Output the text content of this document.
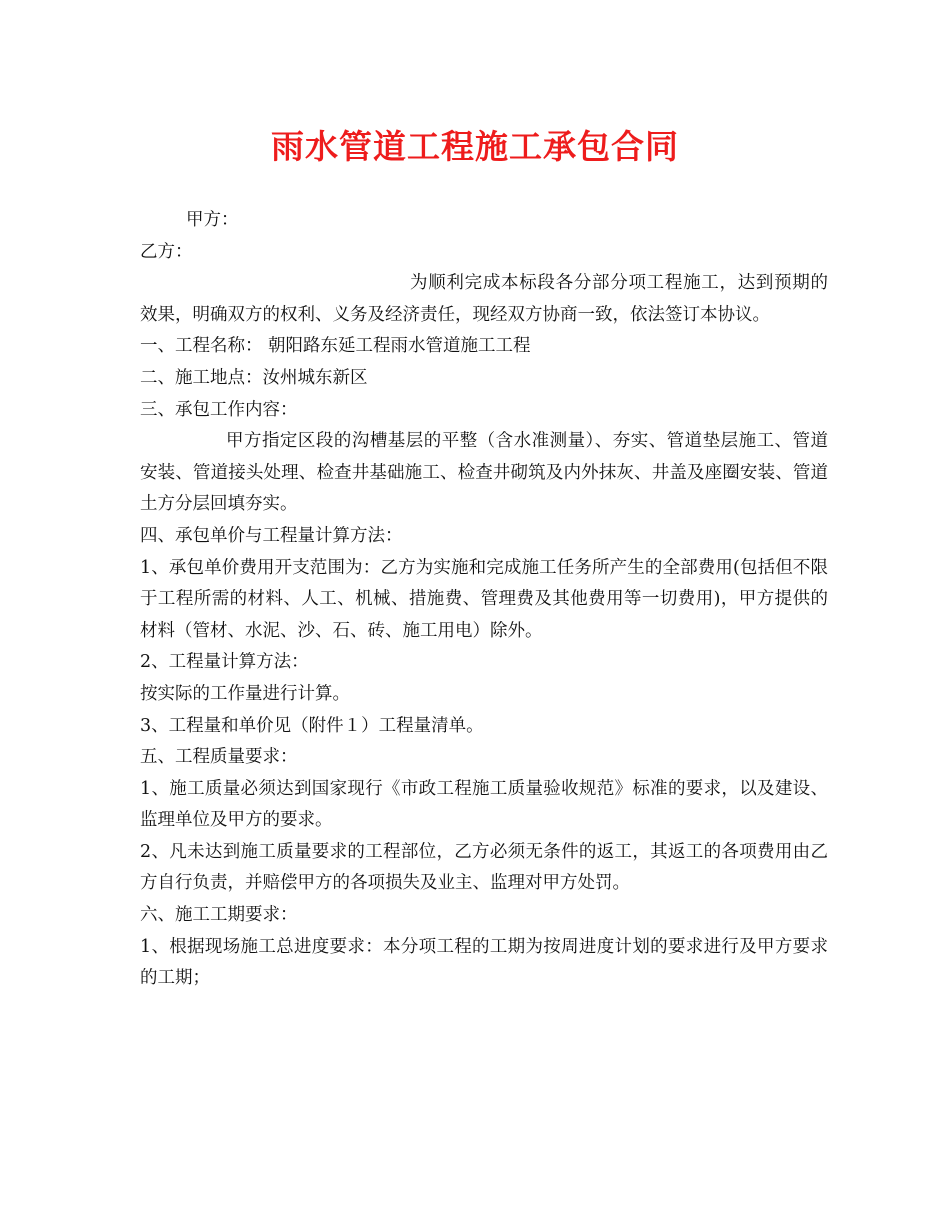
雨水管道工程施工承包合同

甲方：

乙方：

为顺利完成本标段各分部分项工程施工，达到预期的效果，明确双方的权利、义务及经济责任，现经双方协商一致，依法签订本协议。

一、工程名称： 朝阳路东延工程雨水管道施工工程

二、施工地点：汝州城东新区

三、承包工作内容：

甲方指定区段的沟槽基层的平整（含水准测量）、夯实、管道垫层施工、管道安装、管道接头处理、检查井基础施工、检查井砌筑及内外抹灰、井盖及座圈安装、管道土方分层回填夯实。

四、承包单价与工程量计算方法：

1、承包单价费用开支范围为：乙方为实施和完成施工任务所产生的全部费用(包括但不限于工程所需的材料、人工、机械、措施费、管理费及其他费用等一切费用)，甲方提供的材料（管材、水泥、沙、石、砖、施工用电）除外。

2、工程量计算方法：

按实际的工作量进行计算。

3、工程量和单价见（附件１）工程量清单。

五、工程质量要求：

1、施工质量必须达到国家现行《市政工程施工质量验收规范》标准的要求，以及建设、监理单位及甲方的要求。

2、凡未达到施工质量要求的工程部位，乙方必须无条件的返工，其返工的各项费用由乙方自行负责，并赔偿甲方的各项损失及业主、监理对甲方处罚。

六、施工工期要求：

1、根据现场施工总进度要求：本分项工程的工期为按周进度计划的要求进行及甲方要求的工期；
